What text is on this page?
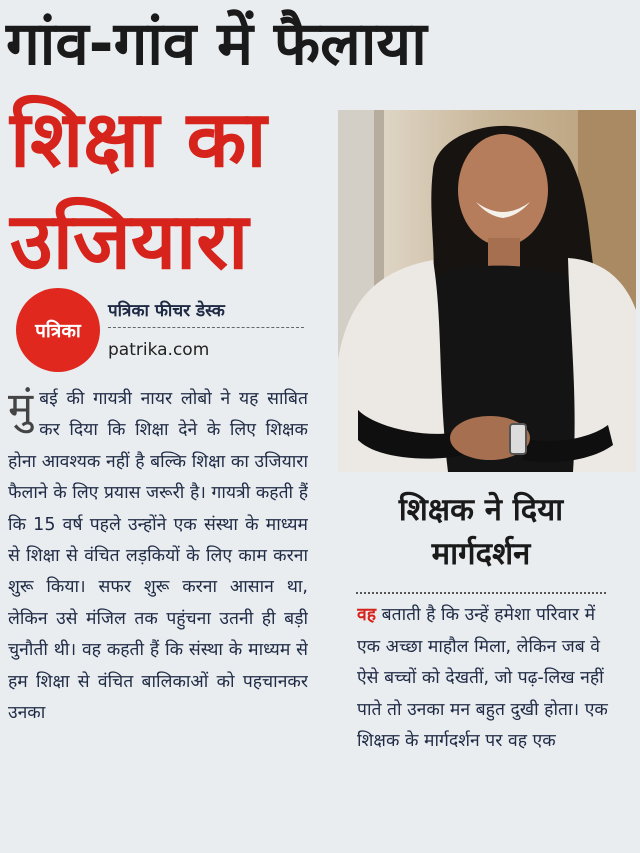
गांव-गांव में फैलाया
शिक्षा का
उजियारा
पत्रिका
पत्रिका फीचर डेस्क
patrika.com

मुंबई की गायत्री नायर लोबो ने यह साबित कर दिया कि शिक्षा देने के लिए शिक्षक होना आवश्यक नहीं है बल्कि शिक्षा का उजियारा फैलाने के लिए प्रयास जरूरी है। गायत्री कहती हैं कि 15 वर्ष पहले उन्होंने एक संस्था के माध्यम से शिक्षा से वंचित लड़कियों के लिए काम करना शुरू किया। सफर शुरू करना आसान था, लेकिन उसे मंजिल तक पहुंचना उतनी ही बड़ी चुनौती थी। वह कहती हैं कि संस्था के माध्यम से हम शिक्षा से वंचित बालिकाओं को पहचानकर उनका

शिक्षक ने दिया
मार्गदर्शन

वह बताती है कि उन्हें हमेशा परिवार में एक अच्छा माहौल मिला, लेकिन जब वे ऐसे बच्चों को देखतीं, जो पढ़-लिख नहीं पाते तो उनका मन बहुत दुखी होता। एक शिक्षक के मार्गदर्शन पर वह एक
